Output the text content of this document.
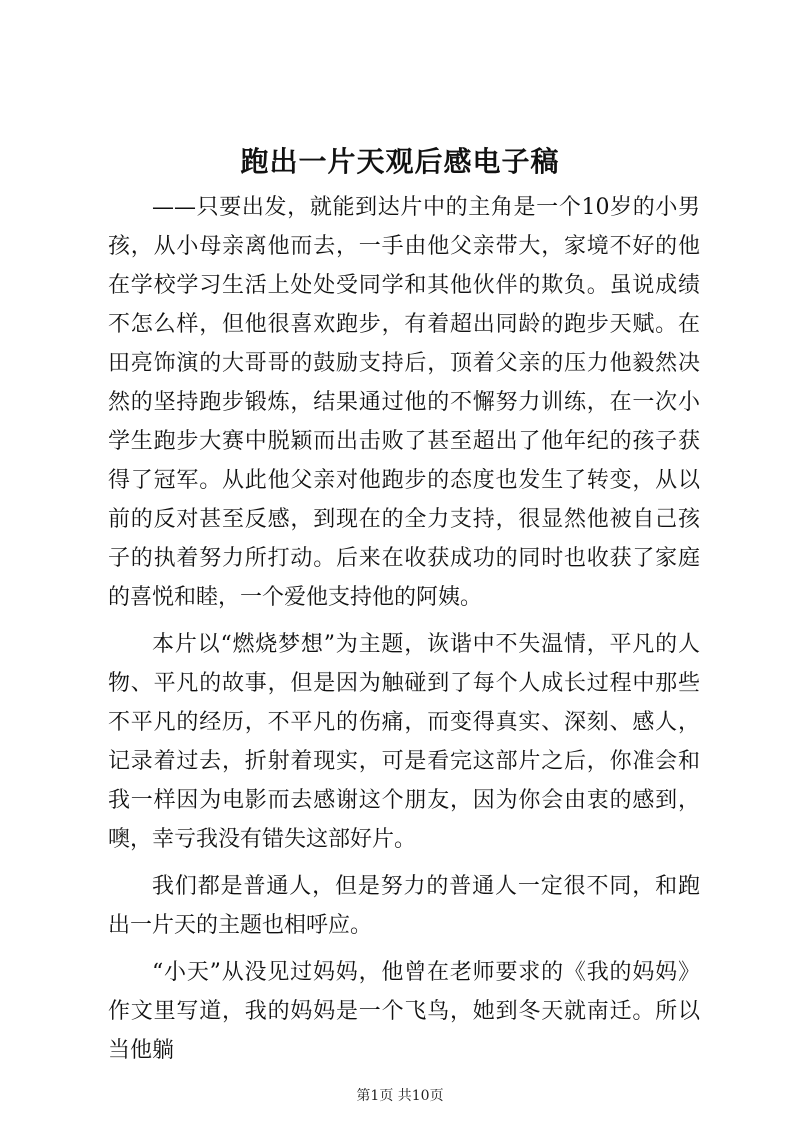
跑出一片天观后感电子稿

——只要出发，就能到达片中的主角是一个10岁的小男孩，从小母亲离他而去，一手由他父亲带大，家境不好的他在学校学习生活上处处受同学和其他伙伴的欺负。虽说成绩不怎么样，但他很喜欢跑步，有着超出同龄的跑步天赋。在田亮饰演的大哥哥的鼓励支持后，顶着父亲的压力他毅然决然的坚持跑步锻炼，结果通过他的不懈努力训练，在一次小学生跑步大赛中脱颖而出击败了甚至超出了他年纪的孩子获得了冠军。从此他父亲对他跑步的态度也发生了转变，从以前的反对甚至反感，到现在的全力支持，很显然他被自己孩子的执着努力所打动。后来在收获成功的同时也收获了家庭的喜悦和睦，一个爱他支持他的阿姨。

本片以“燃烧梦想”为主题，诙谐中不失温情，平凡的人物、平凡的故事，但是因为触碰到了每个人成长过程中那些不平凡的经历，不平凡的伤痛，而变得真实、深刻、感人，记录着过去，折射着现实，可是看完这部片之后，你准会和我一样因为电影而去感谢这个朋友，因为你会由衷的感到，噢，幸亏我没有错失这部好片。

我们都是普通人，但是努力的普通人一定很不同，和跑出一片天的主题也相呼应。

“小天”从没见过妈妈，他曾在老师要求的《我的妈妈》作文里写道，我的妈妈是一个飞鸟，她到冬天就南迁。所以当他躺

第1页 共10页
